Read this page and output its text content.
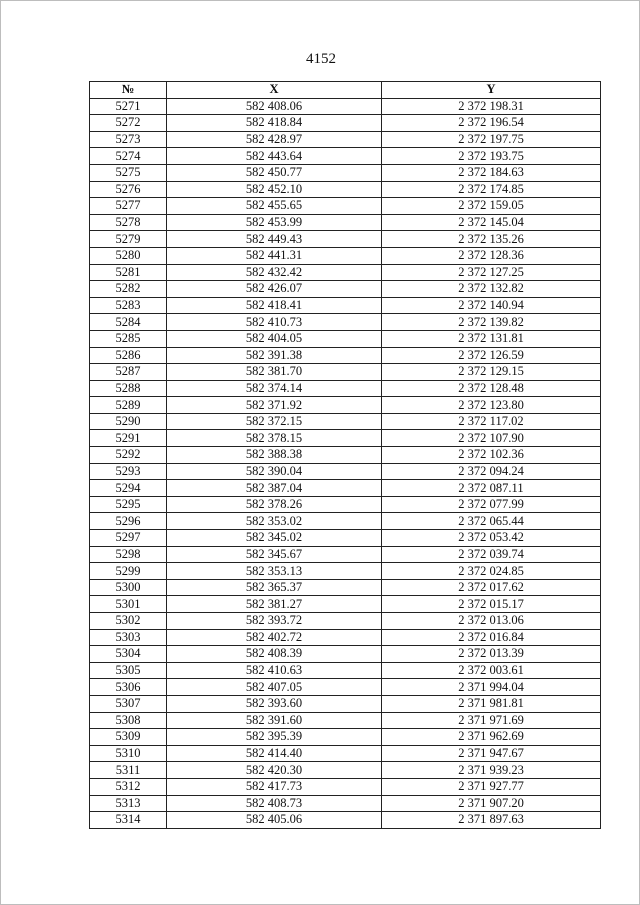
4152
№	X	Y
5271	582 408.06	2 372 198.31
5272	582 418.84	2 372 196.54
5273	582 428.97	2 372 197.75
5274	582 443.64	2 372 193.75
5275	582 450.77	2 372 184.63
5276	582 452.10	2 372 174.85
5277	582 455.65	2 372 159.05
5278	582 453.99	2 372 145.04
5279	582 449.43	2 372 135.26
5280	582 441.31	2 372 128.36
5281	582 432.42	2 372 127.25
5282	582 426.07	2 372 132.82
5283	582 418.41	2 372 140.94
5284	582 410.73	2 372 139.82
5285	582 404.05	2 372 131.81
5286	582 391.38	2 372 126.59
5287	582 381.70	2 372 129.15
5288	582 374.14	2 372 128.48
5289	582 371.92	2 372 123.80
5290	582 372.15	2 372 117.02
5291	582 378.15	2 372 107.90
5292	582 388.38	2 372 102.36
5293	582 390.04	2 372 094.24
5294	582 387.04	2 372 087.11
5295	582 378.26	2 372 077.99
5296	582 353.02	2 372 065.44
5297	582 345.02	2 372 053.42
5298	582 345.67	2 372 039.74
5299	582 353.13	2 372 024.85
5300	582 365.37	2 372 017.62
5301	582 381.27	2 372 015.17
5302	582 393.72	2 372 013.06
5303	582 402.72	2 372 016.84
5304	582 408.39	2 372 013.39
5305	582 410.63	2 372 003.61
5306	582 407.05	2 371 994.04
5307	582 393.60	2 371 981.81
5308	582 391.60	2 371 971.69
5309	582 395.39	2 371 962.69
5310	582 414.40	2 371 947.67
5311	582 420.30	2 371 939.23
5312	582 417.73	2 371 927.77
5313	582 408.73	2 371 907.20
5314	582 405.06	2 371 897.63
